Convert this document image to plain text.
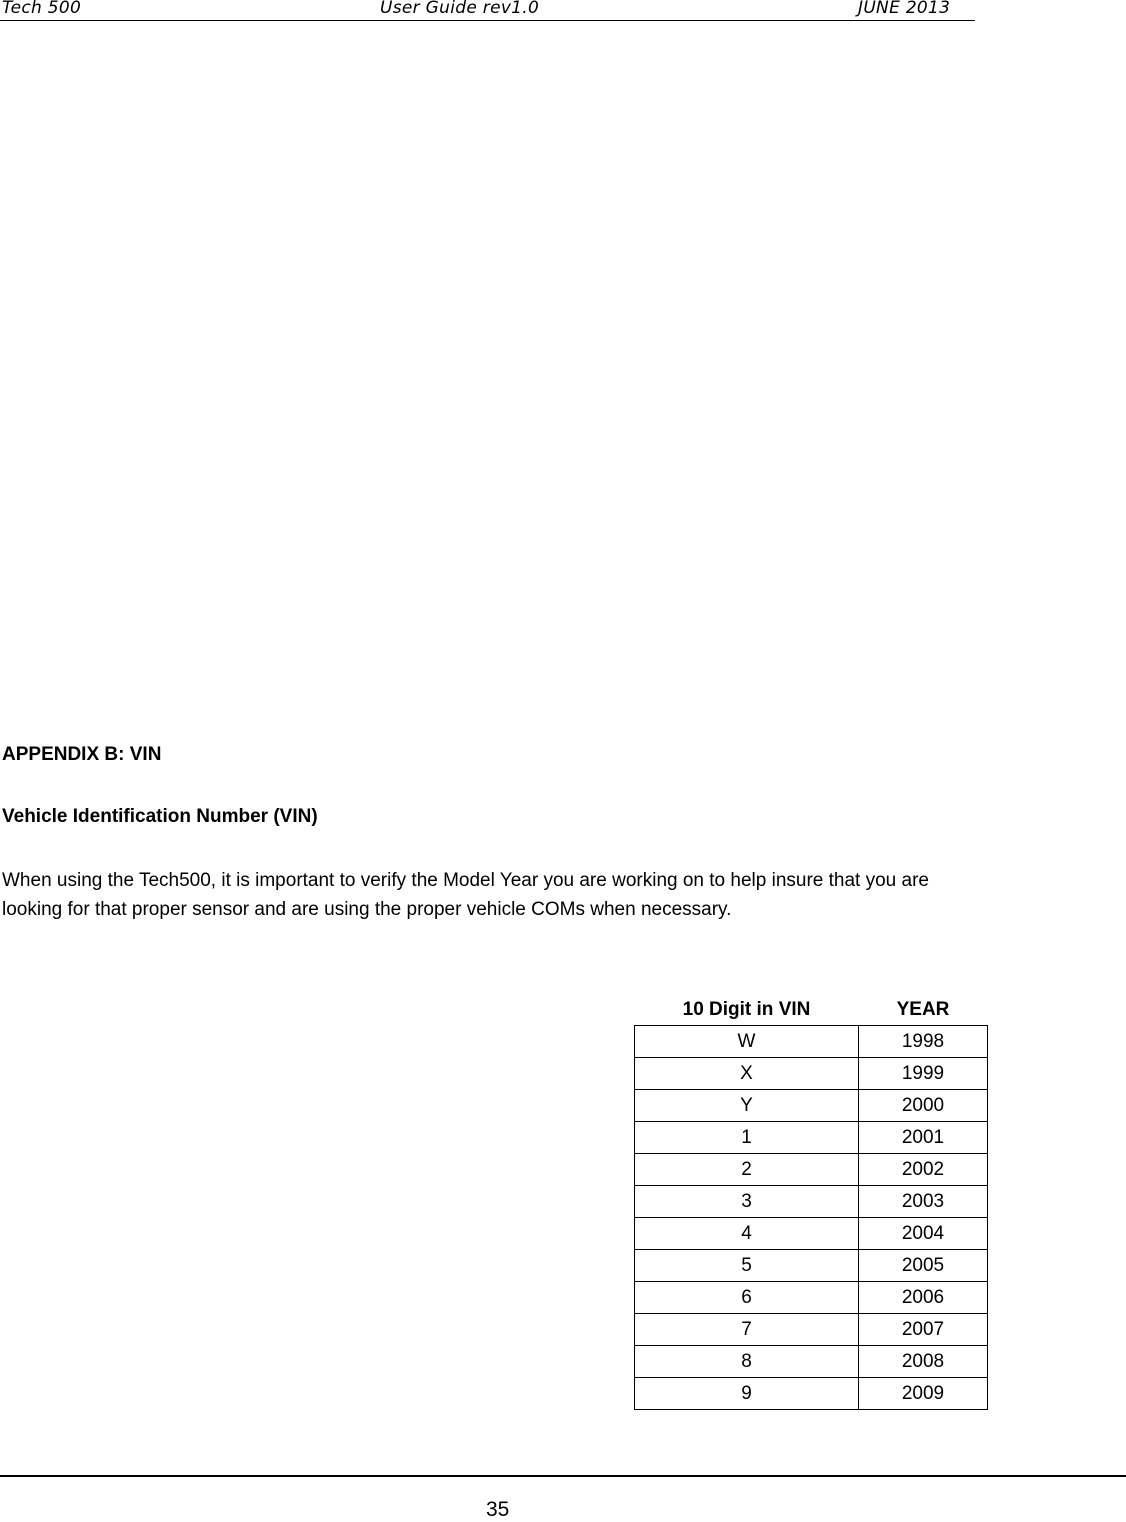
Tech 500	User Guide rev1.0	JUNE 2013
APPENDIX B: VIN
Vehicle Identification Number (VIN)
When using the Tech500, it is important to verify the Model Year you are working on to help insure that you are looking for that proper sensor and are using the proper vehicle COMs when necessary.
10 Digit in VIN	YEAR
W	1998
X	1999
Y	2000
1	2001
2	2002
3	2003
4	2004
5	2005
6	2006
7	2007
8	2008
9	2009
35
